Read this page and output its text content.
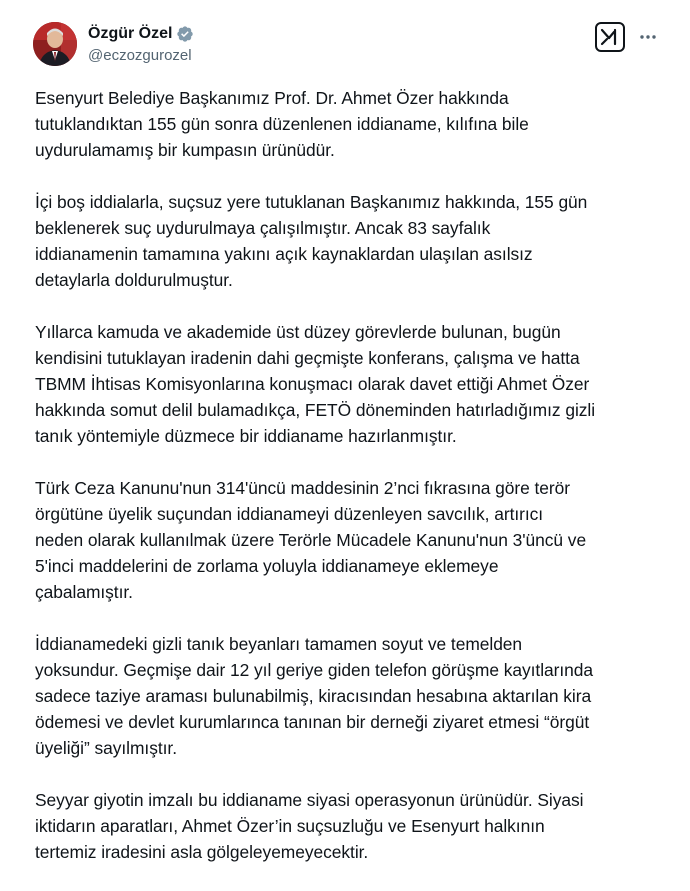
Özgür Özel
@eczozgurozel

Esenyurt Belediye Başkanımız Prof. Dr. Ahmet Özer hakkında
tutuklandıktan 155 gün sonra düzenlenen iddianame, kılıfına bile
uydurulamamış bir kumpasın ürünüdür.

İçi boş iddialarla, suçsuz yere tutuklanan Başkanımız hakkında, 155 gün
beklenerek suç uydurulmaya çalışılmıştır. Ancak 83 sayfalık
iddianamenin tamamına yakını açık kaynaklardan ulaşılan asılsız
detaylarla doldurulmuştur.

Yıllarca kamuda ve akademide üst düzey görevlerde bulunan, bugün
kendisini tutuklayan iradenin dahi geçmişte konferans, çalışma ve hatta
TBMM İhtisas Komisyonlarına konuşmacı olarak davet ettiği Ahmet Özer
hakkında somut delil bulamadıkça, FETÖ döneminden hatırladığımız gizli
tanık yöntemiyle düzmece bir iddianame hazırlanmıştır.

Türk Ceza Kanunu'nun 314'üncü maddesinin 2’nci fıkrasına göre terör
örgütüne üyelik suçundan iddianameyi düzenleyen savcılık, artırıcı
neden olarak kullanılmak üzere Terörle Mücadele Kanunu'nun 3'üncü ve
5'inci maddelerini de zorlama yoluyla iddianameye eklemeye
çabalamıştır.

İddianamedeki gizli tanık beyanları tamamen soyut ve temelden
yoksundur. Geçmişe dair 12 yıl geriye giden telefon görüşme kayıtlarında
sadece taziye araması bulunabilmiş, kiracısından hesabına aktarılan kira
ödemesi ve devlet kurumlarınca tanınan bir derneği ziyaret etmesi “örgüt
üyeliği” sayılmıştır.

Seyyar giyotin imzalı bu iddianame siyasi operasyonun ürünüdür. Siyasi
iktidarın aparatları, Ahmet Özer’in suçsuzluğu ve Esenyurt halkının
tertemiz iradesini asla gölgeleyemeyecektir.
